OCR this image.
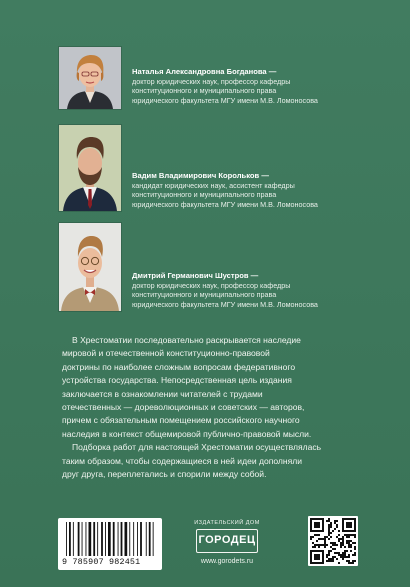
Наталья Александровна Богданова —
доктор юридических наук, профессор кафедры
конституционного и муниципального права
юридического факультета МГУ имени М.В. Ломоносова
Вадим Владимирович Корольков —
кандидат юридических наук, ассистент кафедры
конституционного и муниципального права
юридического факультета МГУ имени М.В. Ломоносова
Дмитрий Германович Шустров —
доктор юридических наук, профессор кафедры
конституционного и муниципального права
юридического факультета МГУ имени М.В. Ломоносова

В Хрестоматии последовательно раскрывается наследие
мировой и отечественной конституционно-правовой
доктрины по наиболее сложным вопросам федеративного
устройства государства. Непосредственная цель издания
заключается в ознакомлении читателей с трудами
отечественных — дореволюционных и советских — авторов,
причем с обязательным помещением российского научного
наследия в контекст общемировой публично-правовой мысли.

Подборка работ для настоящей Хрестоматии осуществлялась
таким образом, чтобы содержащиеся в ней идеи дополняли
друг друга, переплетались и спорили между собой.

9 785907 982451
ИЗДАТЕЛЬСКИЙ ДОМ
ГОРОДЕЦ
www.gorodets.ru
